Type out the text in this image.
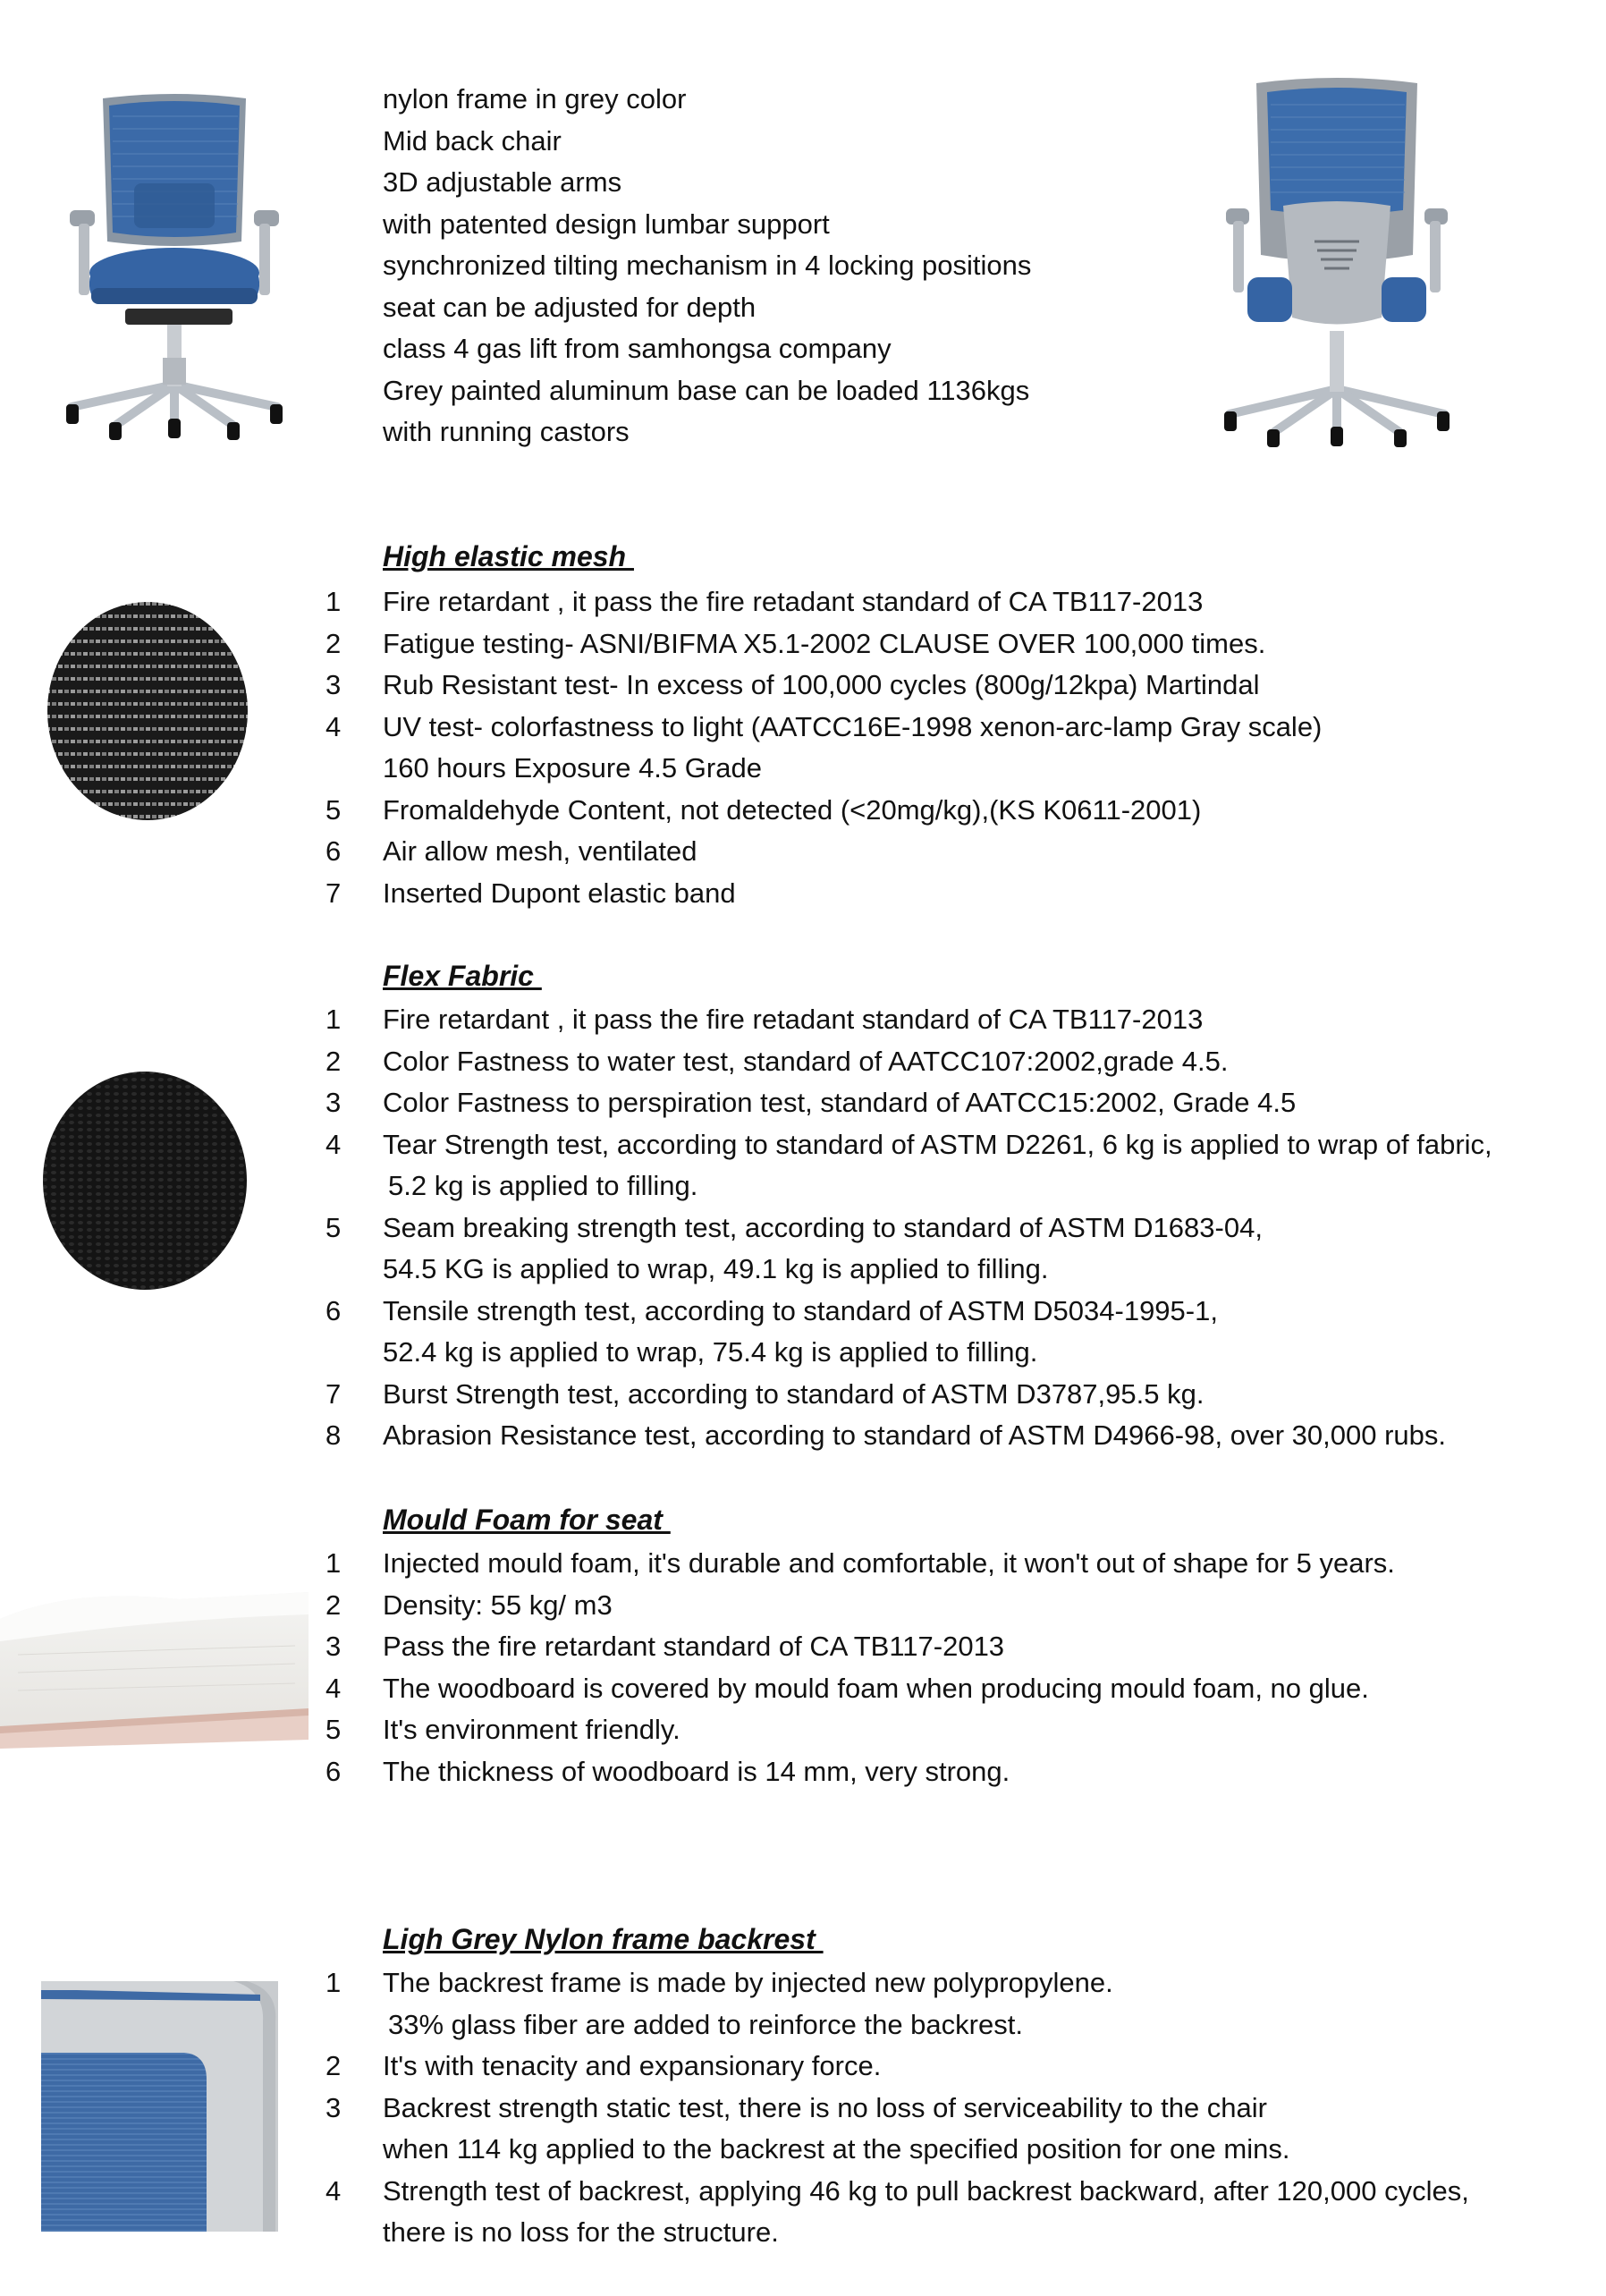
nylon frame in grey color
Mid back chair
3D adjustable arms
with patented design lumbar support
synchronized tilting mechanism in 4 locking positions
seat can be adjusted for depth
class 4 gas lift from samhongsa company
Grey painted aluminum base can be loaded 1136kgs
with running castors
High elastic mesh
1 Fire retardant , it pass the fire retadant standard of CA TB117-2013
2 Fatigue testing- ASNI/BIFMA X5.1-2002 CLAUSE OVER 100,000 times.
3 Rub Resistant test- In excess of 100,000 cycles (800g/12kpa) Martindal
4 UV test- colorfastness to light (AATCC16E-1998 xenon-arc-lamp Gray scale)
160 hours Exposure 4.5 Grade
5 Fromaldehyde Content, not detected (<20mg/kg),(KS K0611-2001)
6 Air allow mesh, ventilated
7 Inserted Dupont elastic band
Flex Fabric
1 Fire retardant , it pass the fire retadant standard of CA TB117-2013
2 Color Fastness to water test, standard of AATCC107:2002,grade 4.5.
3 Color Fastness to perspiration test, standard of AATCC15:2002, Grade 4.5
4 Tear Strength test, according to standard of ASTM D2261, 6 kg is applied to wrap of fabric,
5.2 kg is applied to filling.
5 Seam breaking strength test, according to standard of ASTM D1683-04,
54.5 KG is applied to wrap, 49.1 kg is applied to filling.
6 Tensile strength test, according to standard of ASTM D5034-1995-1,
52.4 kg is applied to wrap, 75.4 kg is applied to filling.
7 Burst Strength test, according to standard of ASTM D3787,95.5 kg.
8 Abrasion Resistance test, according to standard of ASTM D4966-98, over 30,000 rubs.
Mould Foam for seat
1 Injected mould foam, it's durable and comfortable, it won't out of shape for 5 years.
2 Density: 55 kg/ m3
3 Pass the fire retardant standard of CA TB117-2013
4 The woodboard is covered by mould foam when producing mould foam, no glue.
5 It's environment friendly.
6 The thickness of woodboard is 14 mm, very strong.
Ligh Grey Nylon frame backrest
1 The backrest frame is made by injected new polypropylene.
33% glass fiber are added to reinforce the backrest.
2 It's with tenacity and expansionary force.
3 Backrest strength static test, there is no loss of serviceability to the chair
when 114 kg applied to the backrest at the specified position for one mins.
4 Strength test of backrest, applying 46 kg to pull backrest backward, after 120,000 cycles,
there is no loss for the structure.
